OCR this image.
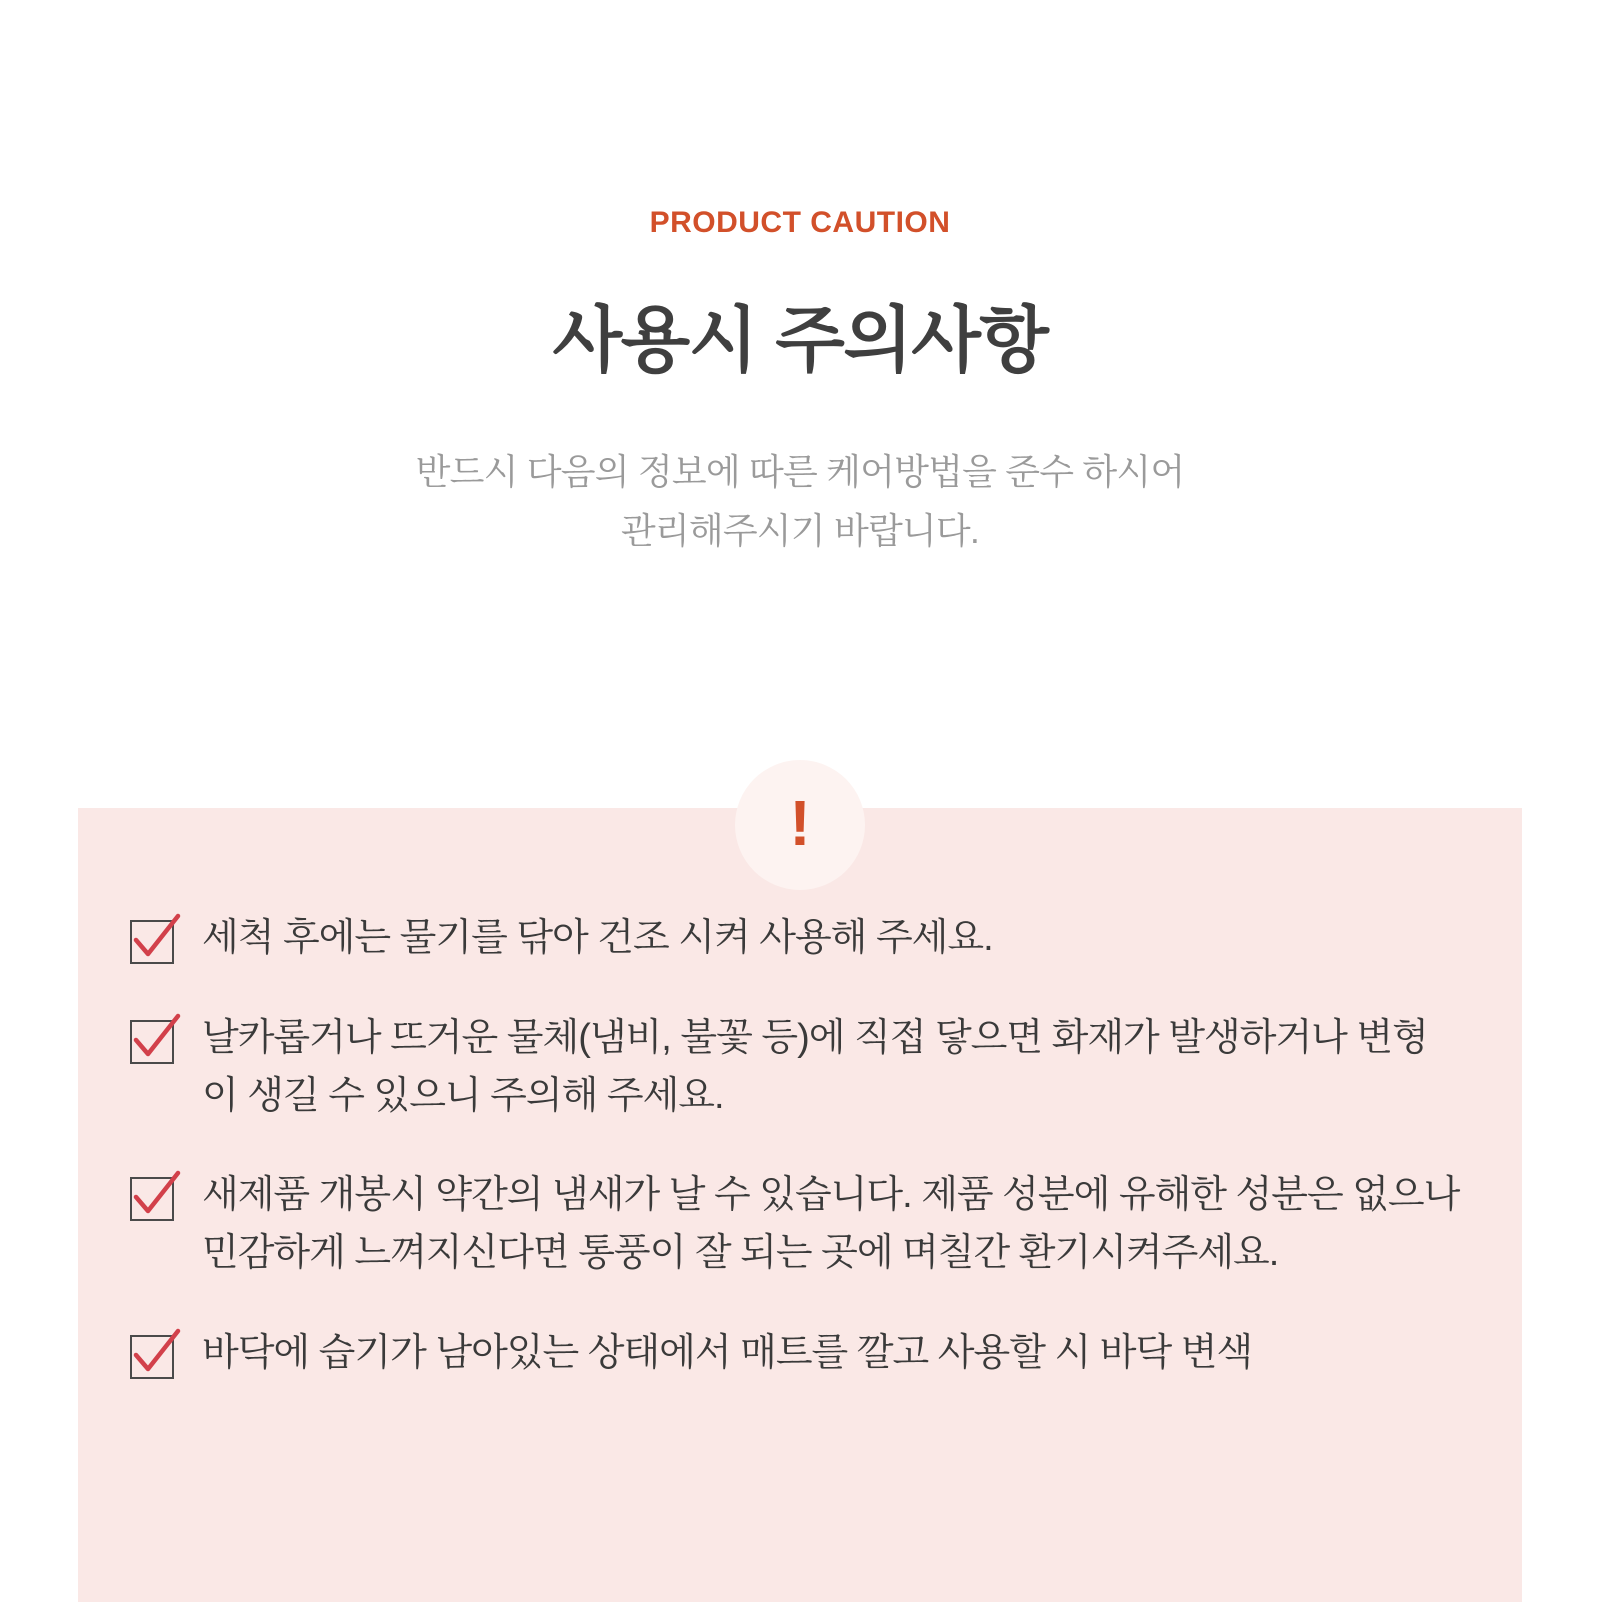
PRODUCT CAUTION
사용시 주의사항
반드시 다음의 정보에 따른 케어방법을 준수 하시어
관리해주시기 바랍니다.
!
세척 후에는 물기를 닦아 건조 시켜 사용해 주세요.
날카롭거나 뜨거운 물체(냄비, 불꽃 등)에 직접 닿으면 화재가 발생하거나 변형이 생길 수 있으니 주의해 주세요.
새제품 개봉시 약간의 냄새가 날 수 있습니다. 제품 성분에 유해한 성분은 없으나 민감하게 느껴지신다면 통풍이 잘 되는 곳에 며칠간 환기시켜주세요.
바닥에 습기가 남아있는 상태에서 매트를 깔고 사용할 시 바닥 변색
